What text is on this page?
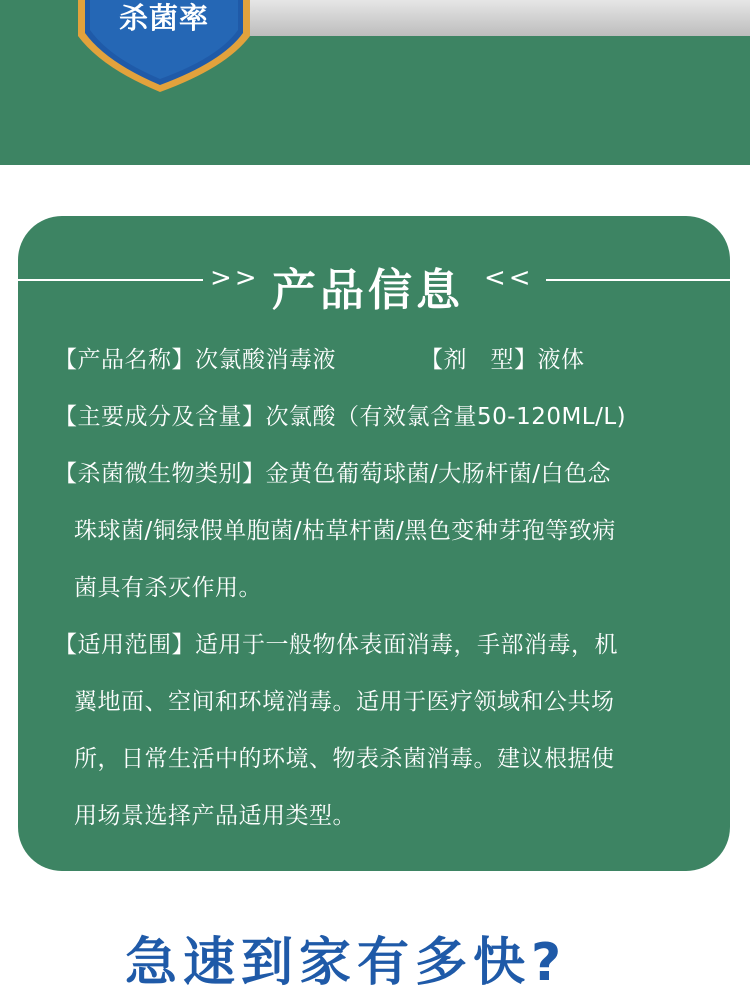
杀菌率
>> 产品信息 <<
【产品名称】次氯酸消毒液	【剂　型】液体
【主要成分及含量】次氯酸（有效氯含量50-120ML/L)
【杀菌微生物类别】金黄色葡萄球菌/大肠杆菌/白色念
珠球菌/铜绿假单胞菌/枯草杆菌/黑色变种芽孢等致病
菌具有杀灭作用。
【适用范围】适用于一般物体表面消毒，手部消毒，机
翼地面、空间和环境消毒。适用于医疗领域和公共场
所，日常生活中的环境、物表杀菌消毒。建议根据使
用场景选择产品适用类型。
急速到家有多快?
